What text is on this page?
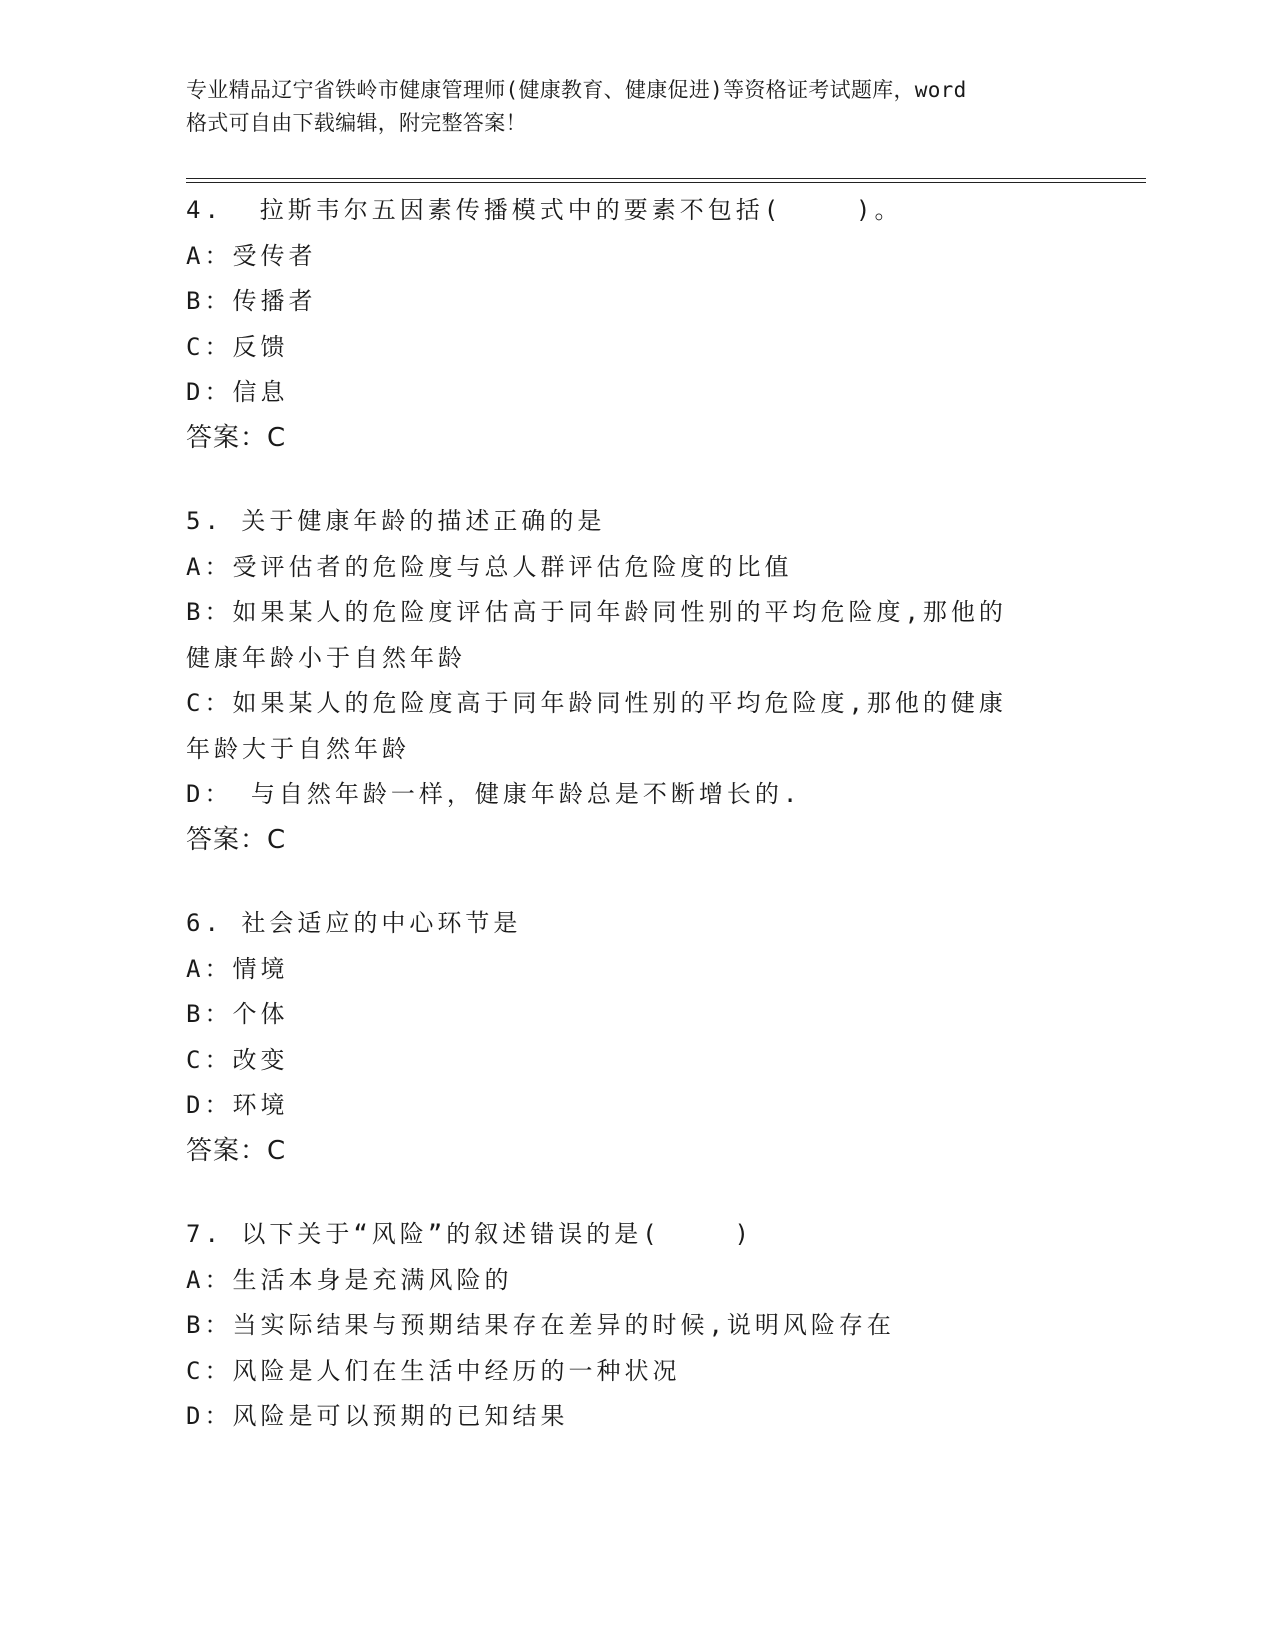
专业精品辽宁省铁岭市健康管理师(健康教育、健康促进)等资格证考试题库，word
格式可自由下载编辑，附完整答案！
4.  拉斯韦尔五因素传播模式中的要素不包括(    )。
A：受传者
B：传播者
C：反馈
D：信息
答案：C
5. 关于健康年龄的描述正确的是
A：受评估者的危险度与总人群评估危险度的比值
B：如果某人的危险度评估高于同年龄同性别的平均危险度,那他的健康年龄小于自然年龄
C：如果某人的危险度高于同年龄同性别的平均危险度,那他的健康年龄大于自然年龄
D： 与自然年龄一样，健康年龄总是不断增长的.
答案：C
6. 社会适应的中心环节是
A：情境
B：个体
C：改变
D：环境
答案：C
7. 以下关于“风险”的叙述错误的是(    )
A：生活本身是充满风险的
B：当实际结果与预期结果存在差异的时候,说明风险存在
C：风险是人们在生活中经历的一种状况
D：风险是可以预期的已知结果
